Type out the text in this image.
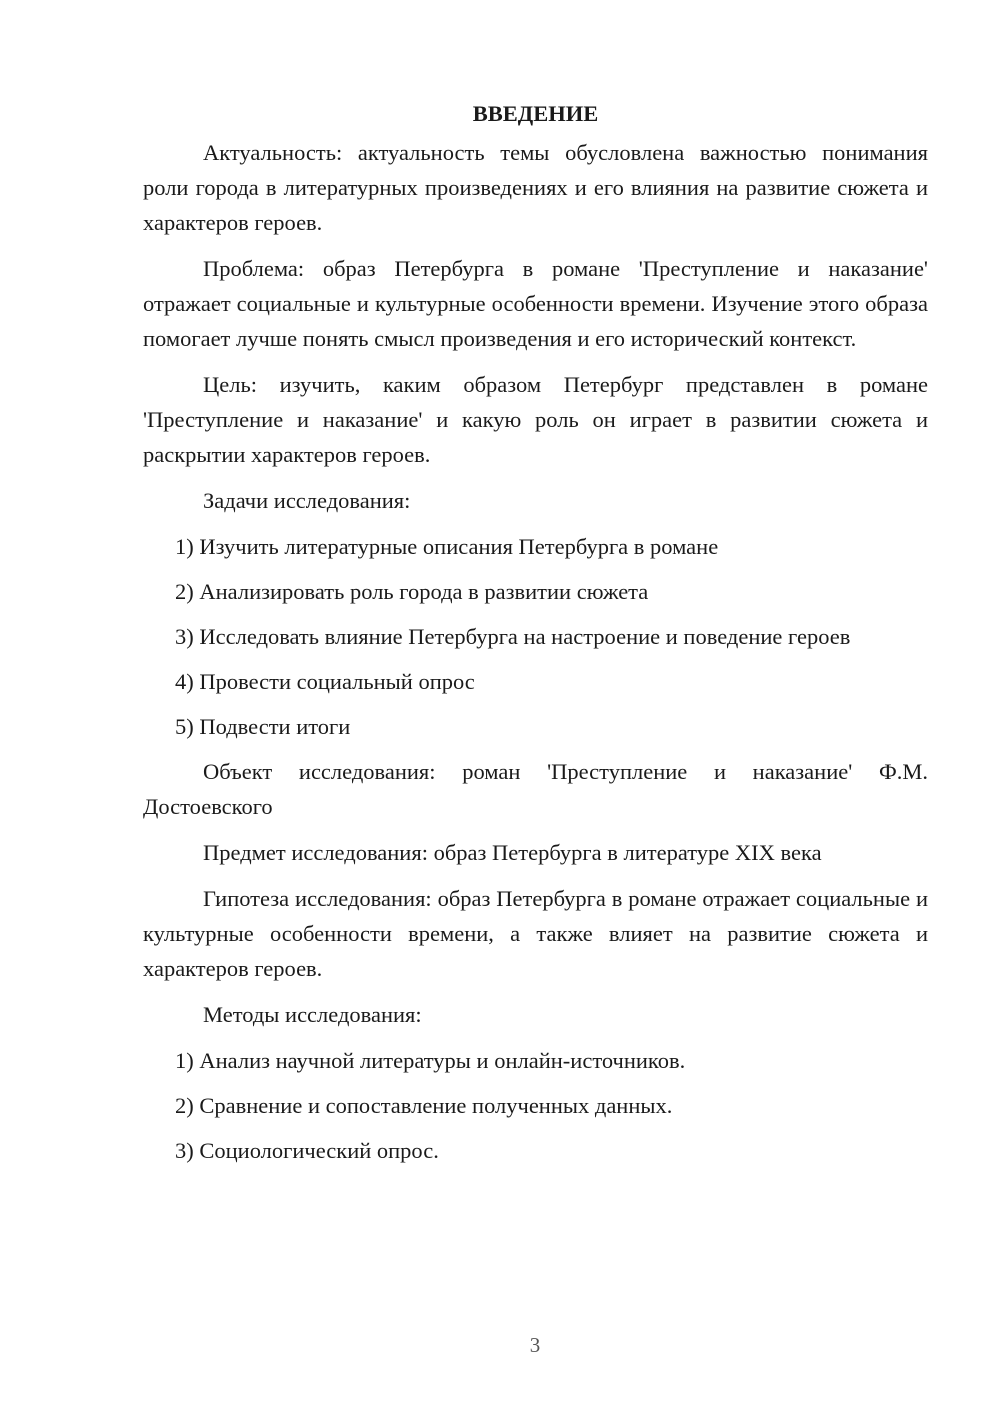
ВВЕДЕНИЕ

Актуальность: актуальность темы обусловлена важностью понимания роли города в литературных произведениях и его влияния на развитие сюжета и характеров героев.

Проблема: образ Петербурга в романе 'Преступление и наказание' отражает социальные и культурные особенности времени. Изучение этого образа помогает лучше понять смысл произведения и его исторический контекст.

Цель: изучить, каким образом Петербург представлен в романе 'Преступление и наказание' и какую роль он играет в развитии сюжета и раскрытии характеров героев.

Задачи исследования:

1) Изучить литературные описания Петербурга в романе
2) Анализировать роль города в развитии сюжета
3) Исследовать влияние Петербурга на настроение и поведение героев
4) Провести социальный опрос
5) Подвести итоги

Объект исследования: роман 'Преступление и наказание' Ф.М. Достоевского

Предмет исследования: образ Петербурга в литературе XIX века

Гипотеза исследования: образ Петербурга в романе отражает социальные и культурные особенности времени, а также влияет на развитие сюжета и характеров героев.

Методы исследования:

1) Анализ научной литературы и онлайн-источников.
2) Сравнение и сопоставление полученных данных.
3) Социологический опрос.
3
